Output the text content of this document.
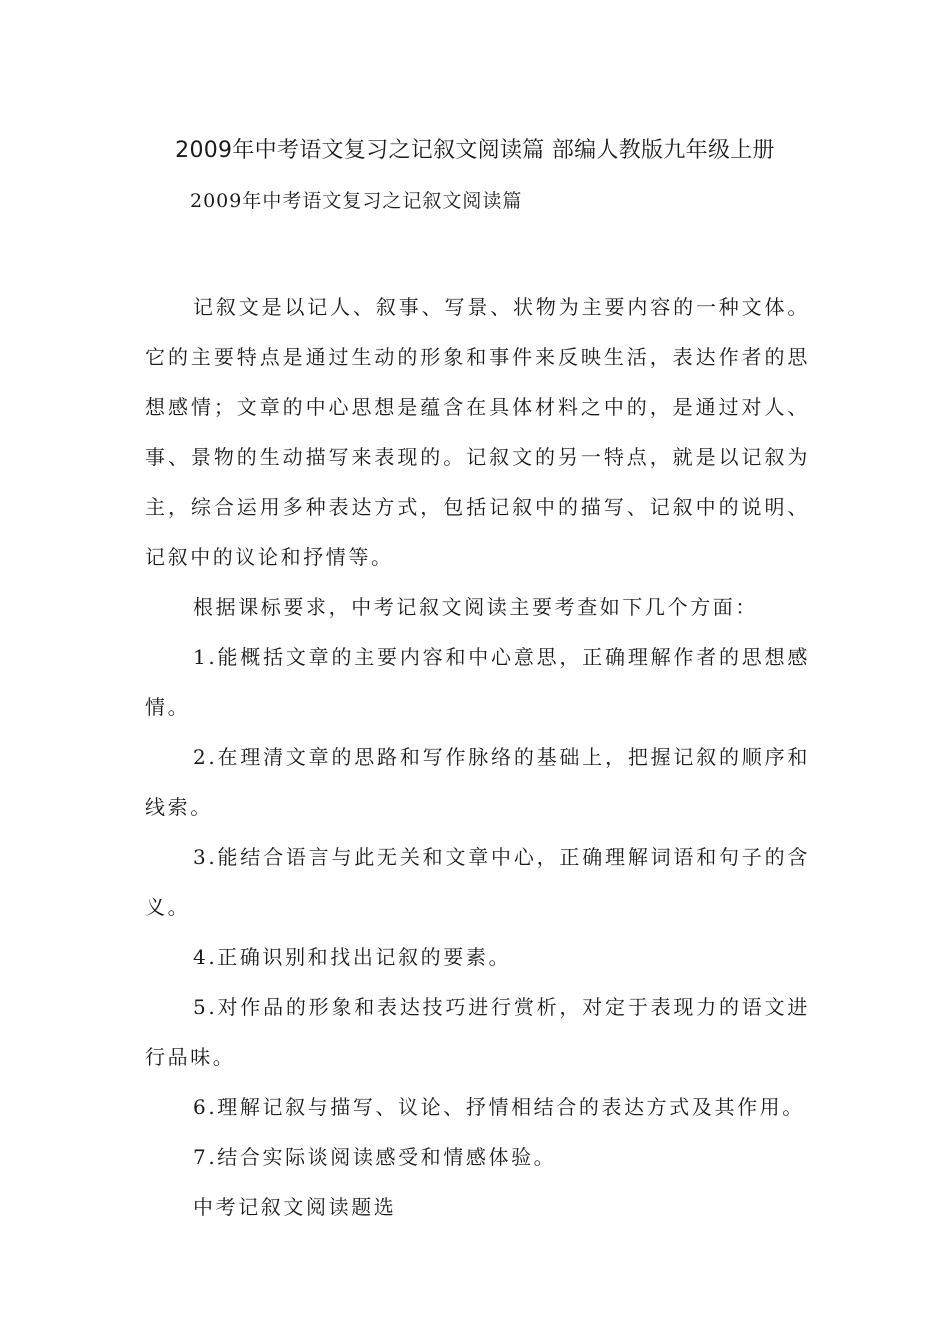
2009年中考语文复习之记叙文阅读篇 部编人教版九年级上册
2009年中考语文复习之记叙文阅读篇

记叙文是以记人、叙事、写景、状物为主要内容的一种文体。它的主要特点是通过生动的形象和事件来反映生活，表达作者的思想感情；文章的中心思想是蕴含在具体材料之中的，是通过对人、事、景物的生动描写来表现的。记叙文的另一特点，就是以记叙为主，综合运用多种表达方式，包括记叙中的描写、记叙中的说明、记叙中的议论和抒情等。

根据课标要求，中考记叙文阅读主要考查如下几个方面：

1.能概括文章的主要内容和中心意思，正确理解作者的思想感情。

2.在理清文章的思路和写作脉络的基础上，把握记叙的顺序和线索。

3.能结合语言与此无关和文章中心，正确理解词语和句子的含义。

4.正确识别和找出记叙的要素。

5.对作品的形象和表达技巧进行赏析，对定于表现力的语文进行品味。

6.理解记叙与描写、议论、抒情相结合的表达方式及其作用。

7.结合实际谈阅读感受和情感体验。

中考记叙文阅读题选
